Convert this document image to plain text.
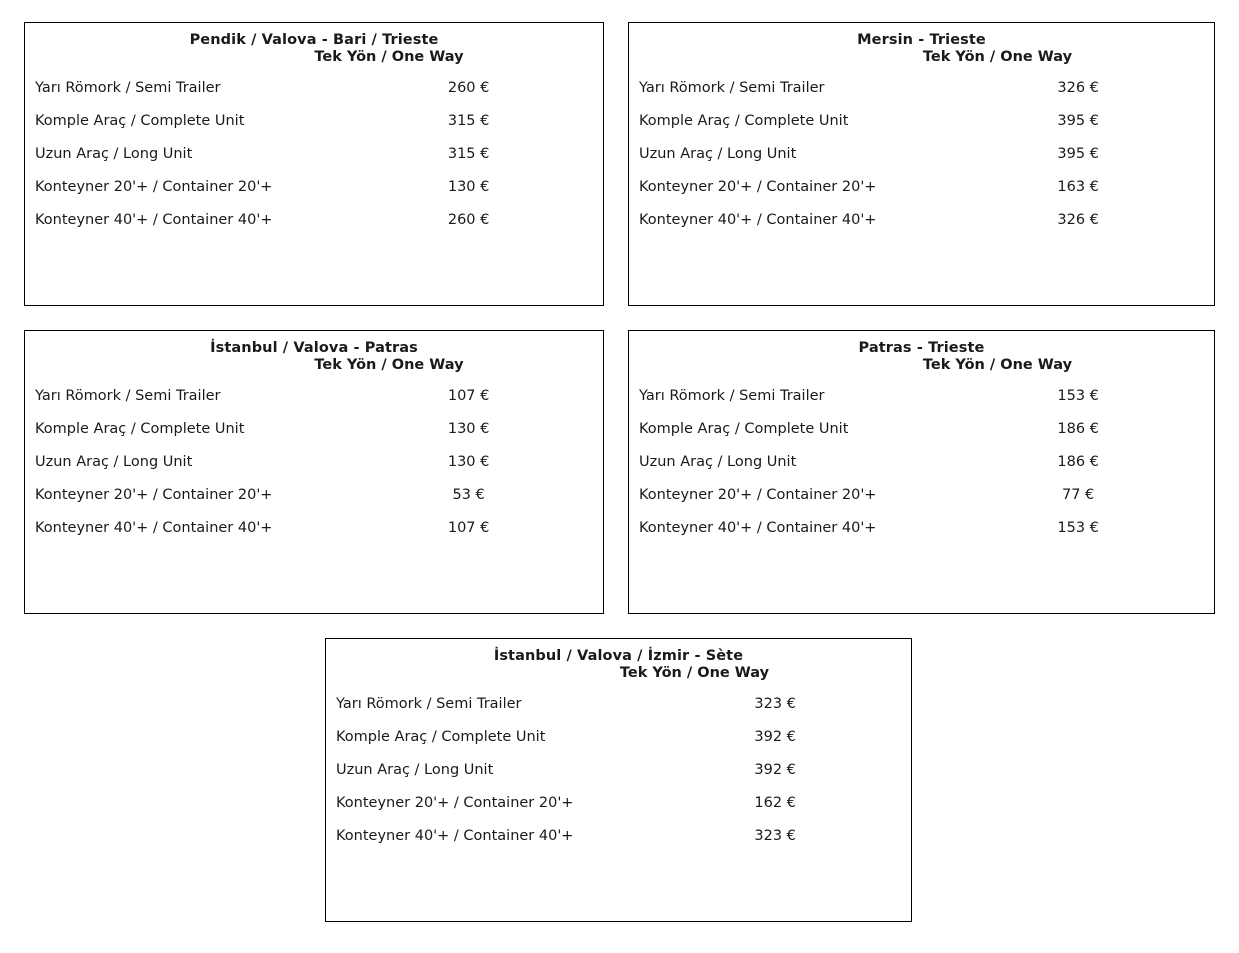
Pendik / Valova - Bari / Trieste
Tek Yön / One Way
Yarı Römork / Semi Trailer	260 €
Komple Araç / Complete Unit	315 €
Uzun Araç / Long Unit	315 €
Konteyner 20'+ / Container 20'+	130 €
Konteyner 40'+ / Container 40'+	260 €
Mersin - Trieste
Tek Yön / One Way
Yarı Römork / Semi Trailer	326 €
Komple Araç / Complete Unit	395 €
Uzun Araç / Long Unit	395 €
Konteyner 20'+ / Container 20'+	163 €
Konteyner 40'+ / Container 40'+	326 €
İstanbul / Valova - Patras
Tek Yön / One Way
Yarı Römork / Semi Trailer	107 €
Komple Araç / Complete Unit	130 €
Uzun Araç / Long Unit	130 €
Konteyner 20'+ / Container 20'+	53 €
Konteyner 40'+ / Container 40'+	107 €
Patras - Trieste
Tek Yön / One Way
Yarı Römork / Semi Trailer	153 €
Komple Araç / Complete Unit	186 €
Uzun Araç / Long Unit	186 €
Konteyner 20'+ / Container 20'+	77 €
Konteyner 40'+ / Container 40'+	153 €
İstanbul / Valova / İzmir - Sète
Tek Yön / One Way
Yarı Römork / Semi Trailer	323 €
Komple Araç / Complete Unit	392 €
Uzun Araç / Long Unit	392 €
Konteyner 20'+ / Container 20'+	162 €
Konteyner 40'+ / Container 40'+	323 €
